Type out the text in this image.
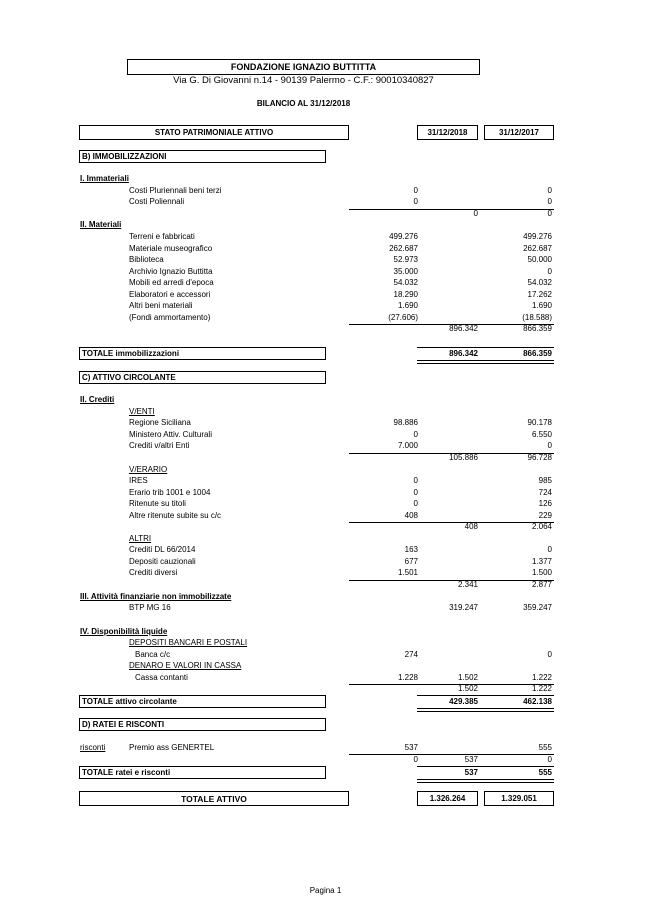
FONDAZIONE IGNAZIO BUTTITTA
Via G. Di Giovanni n.14 - 90139 Palermo - C.F.: 90010340827
BILANCIO AL 31/12/2018
STATO PATRIMONIALE ATTIVO	31/12/2018	31/12/2017
B) IMMOBILIZZAZIONI
I. Immateriali
Costi Pluriennali beni terzi	0	0
Costi Poliennali	0	0
0	0
II. Materiali
Terreni e fabbricati	499.276	499.276
Materiale museografico	262.687	262.687
Biblioteca	52.973	50.000
Archivio Ignazio Buttitta	35.000	0
Mobili ed arredi d'epoca	54.032	54.032
Elaboratori e accessori	18.290	17.262
Altri beni materiali	1.690	1.690
(Fondi ammortamento)	(27.606)	(18.588)
896.342	866.359
TOTALE immobilizzazioni	896.342	866.359
C) ATTIVO CIRCOLANTE
II. Crediti
V/ENTI
Regione Siciliana	98.886	90.178
Ministero Attiv. Culturali	0	6.550
Crediti v/altri Enti	7.000	0
105.886	96.728
V/ERARIO
IRES	0	985
Erario trib 1001 e 1004	0	724
Ritenute su titoli	0	126
Altre ritenute subite su c/c	408	229
408	2.064
ALTRI
Crediti DL 66/2014	163	0
Depositi cauzionali	677	1.377
Crediti diversi	1.501	1.500
2.341	2.877
III. Attività finanziarie non immobilizzate
BTP MG 16	319.247	359.247
IV. Disponibilità liquide
DEPOSITI BANCARI E POSTALI
Banca c/c	274	0
DENARO E VALORI IN CASSA
Cassa contanti	1.228	1.502	1.222
1.502	1.222
TOTALE attivo circolante	429.385	462.138
D) RATEI E RISCONTI
risconti	Premio ass GENERTEL	537	555
0	537	0
TOTALE ratei e risconti	537	555
TOTALE ATTIVO	1.326.264	1.329.051
Pagina 1
